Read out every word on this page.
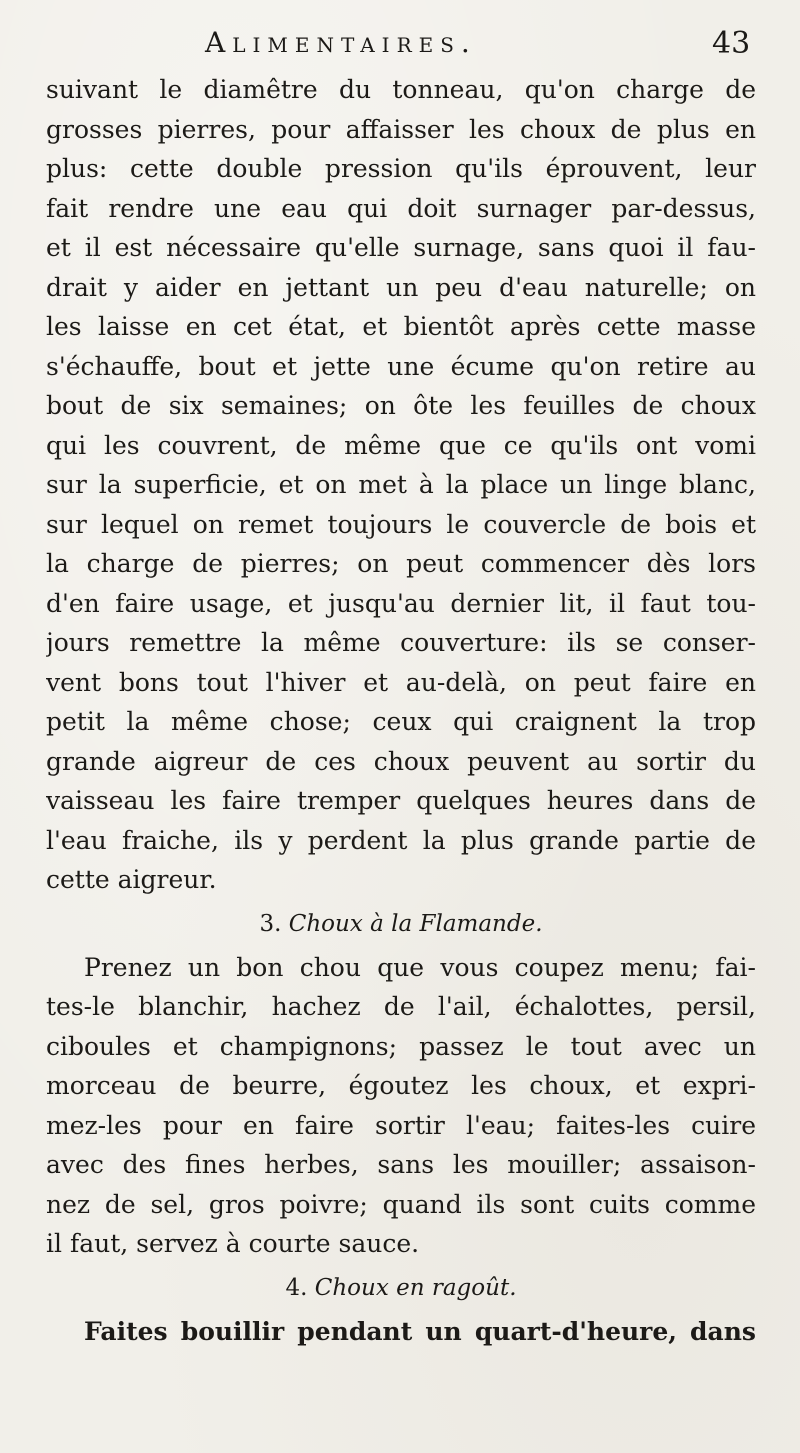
Alimentaires.	43
suivant le diamêtre du tonneau, qu'on charge de
grosses pierres, pour affaisser les choux de plus en
plus: cette double pression qu'ils éprouvent, leur
fait rendre une eau qui doit surnager par-dessus,
et il est nécessaire qu'elle surnage, sans quoi il fau-
drait y aider en jettant un peu d'eau naturelle; on
les laisse en cet état, et bientôt après cette masse
s'échauffe, bout et jette une écume qu'on retire au
bout de six semaines; on ôte les feuilles de choux
qui les couvrent, de même que ce qu'ils ont vomi
sur la superficie, et on met à la place un linge blanc,
sur lequel on remet toujours le couvercle de bois et
la charge de pierres; on peut commencer dès lors
d'en faire usage, et jusqu'au dernier lit, il faut tou-
jours remettre la même couverture: ils se conser-
vent bons tout l'hiver et au-delà, on peut faire en
petit la même chose; ceux qui craignent la trop
grande aigreur de ces choux peuvent au sortir du
vaisseau les faire tremper quelques heures dans de
l'eau fraiche, ils y perdent la plus grande partie de
cette aigreur.
3. Choux à la Flamande.
Prenez un bon chou que vous coupez menu; fai-
tes-le blanchir, hachez de l'ail, échalottes, persil,
ciboules et champignons; passez le tout avec un
morceau de beurre, égoutez les choux, et expri-
mez-les pour en faire sortir l'eau; faites-les cuire
avec des fines herbes, sans les mouiller; assaison-
nez de sel, gros poivre; quand ils sont cuits comme
il faut, servez à courte sauce.
4. Choux en ragoût.
Faites bouillir pendant un quart-d'heure, dans
